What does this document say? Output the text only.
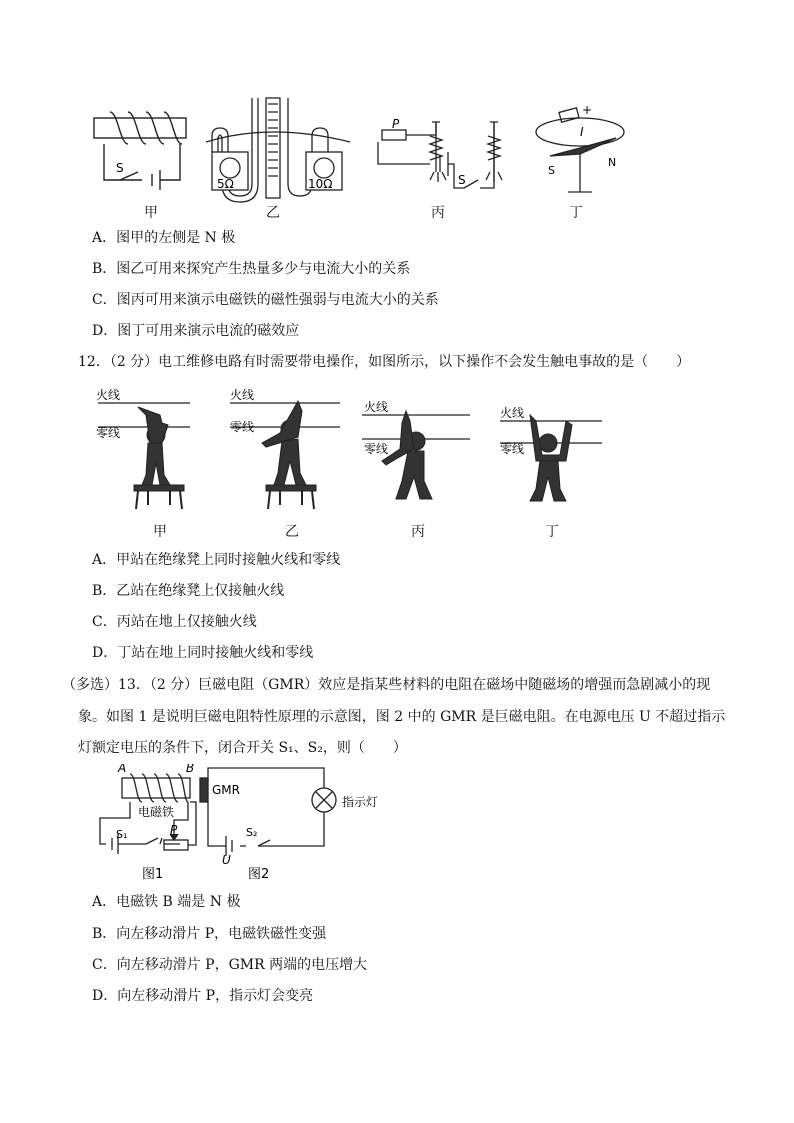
S
5Ω	10Ω
P
S
+
I
S
N
甲	乙	丙	丁
A．图甲的左侧是 N 极
B．图乙可用来探究产生热量多少与电流大小的关系
C．图丙可用来演示电磁铁的磁性强弱与电流大小的关系
D．图丁可用来演示电流的磁效应
12．（2 分）电工维修电路有时需要带电操作，如图所示，以下操作不会发生触电事故的是（　　）
火线
零线
火线
零线
火线
零线
火线
零线
甲	乙	丙	丁
A．甲站在绝缘凳上同时接触火线和零线
B．乙站在绝缘凳上仅接触火线
C．丙站在地上仅接触火线
D．丁站在地上同时接触火线和零线
（多选）13．（2 分）巨磁电阻（GMR）效应是指某些材料的电阻在磁场中随磁场的增强而急剧减小的现
象。如图 1 是说明巨磁电阻特性原理的示意图，图 2 中的 GMR 是巨磁电阻。在电源电压 U 不超过指示
灯额定电压的条件下，闭合开关 S₁、S₂，则（　　）
A	B
电磁铁
S₁	P
GMR
指示灯
S₂
U
图1	图2
A．电磁铁 B 端是 N 极
B．向左移动滑片 P，电磁铁磁性变强
C．向左移动滑片 P，GMR 两端的电压增大
D．向左移动滑片 P，指示灯会变亮
